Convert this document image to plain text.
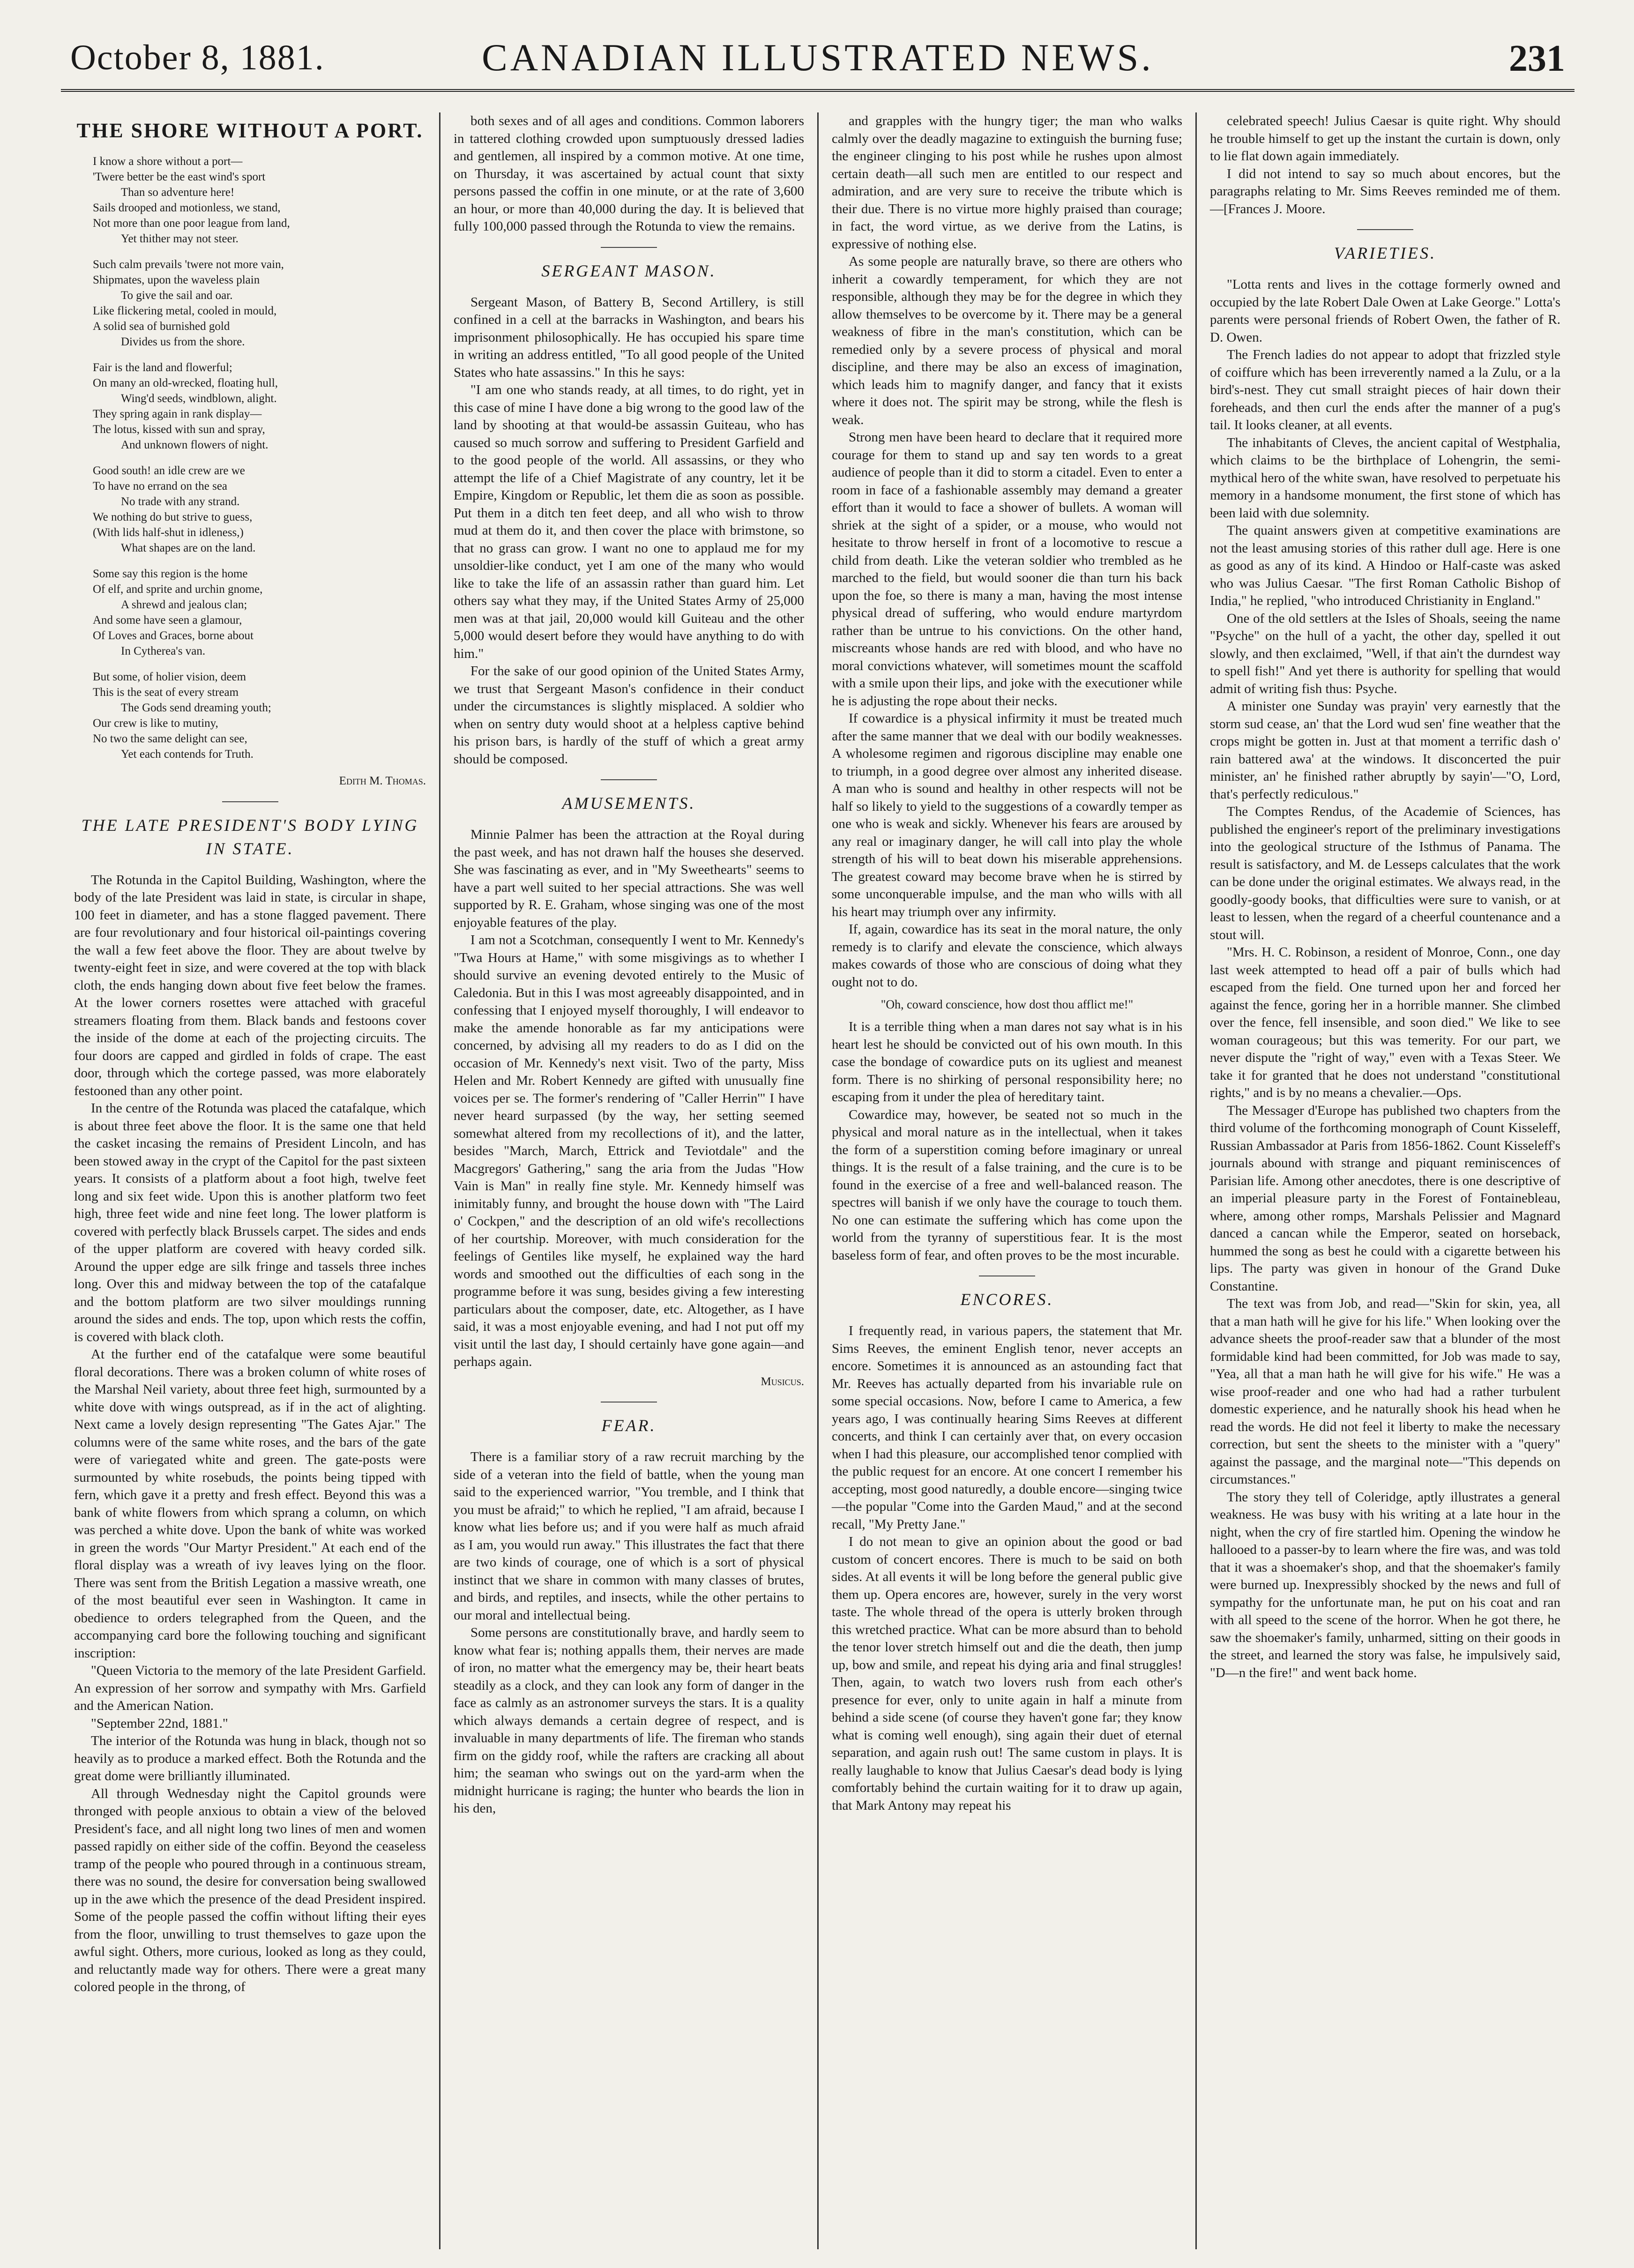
October 8, 1881.	CANADIAN ILLUSTRATED NEWS.	231
THE SHORE WITHOUT A PORT.
I know a shore without a port—
'Twere better be the east wind's sport
Than so adventure here!
Sails drooped and motionless, we stand,
Not more than one poor league from land,
Yet thither may not steer.
Such calm prevails 'twere not more vain,
Shipmates, upon the waveless plain
To give the sail and oar.
Like flickering metal, cooled in mould,
A solid sea of burnished gold
Divides us from the shore.
Fair is the land and flowerful;
On many an old-wrecked, floating hull,
Wing'd seeds, windblown, alight.
They spring again in rank display—
The lotus, kissed with sun and spray,
And unknown flowers of night.
Good south! an idle crew are we
To have no errand on the sea
No trade with any strand.
We nothing do but strive to guess,
(With lids half-shut in idleness,)
What shapes are on the land.
Some say this region is the home
Of elf, and sprite and urchin gnome,
A shrewd and jealous clan;
And some have seen a glamour,
Of Loves and Graces, borne about
In Cytherea's van.
But some, of holier vision, deem
This is the seat of every stream
The Gods send dreaming youth;
Our crew is like to mutiny,
No two the same delight can see,
Yet each contends for Truth.
Edith M. Thomas.
THE LATE PRESIDENT'S BODY LYING IN STATE.

The Rotunda in the Capitol Building, Washington, where the body of the late President was laid in state, is circular in shape, 100 feet in diameter, and has a stone flagged pavement. There are four revolutionary and four historical oil-paintings covering the wall a few feet above the floor. They are about twelve by twenty-eight feet in size, and were covered at the top with black cloth, the ends hanging down about five feet below the frames. At the lower corners rosettes were attached with graceful streamers floating from them. Black bands and festoons cover the inside of the dome at each of the projecting circuits. The four doors are capped and girdled in folds of crape. The east door, through which the cortege passed, was more elaborately festooned than any other point.

In the centre of the Rotunda was placed the catafalque, which is about three feet above the floor. It is the same one that held the casket incasing the remains of President Lincoln, and has been stowed away in the crypt of the Capitol for the past sixteen years. It consists of a platform about a foot high, twelve feet long and six feet wide. Upon this is another platform two feet high, three feet wide and nine feet long. The lower platform is covered with perfectly black Brussels carpet. The sides and ends of the upper platform are covered with heavy corded silk. Around the upper edge are silk fringe and tassels three inches long. Over this and midway between the top of the catafalque and the bottom platform are two silver mouldings running around the sides and ends. The top, upon which rests the coffin, is covered with black cloth.

At the further end of the catafalque were some beautiful floral decorations. There was a broken column of white roses of the Marshal Neil variety, about three feet high, surmounted by a white dove with wings outspread, as if in the act of alighting. Next came a lovely design representing "The Gates Ajar." The columns were of the same white roses, and the bars of the gate were of variegated white and green. The gate-posts were surmounted by white rosebuds, the points being tipped with fern, which gave it a pretty and fresh effect. Beyond this was a bank of white flowers from which sprang a column, on which was perched a white dove. Upon the bank of white was worked in green the words "Our Martyr President." At each end of the floral display was a wreath of ivy leaves lying on the floor. There was sent from the British Legation a massive wreath, one of the most beautiful ever seen in Washington. It came in obedience to orders telegraphed from the Queen, and the accompanying card bore the following touching and significant inscription:

"Queen Victoria to the memory of the late President Garfield. An expression of her sorrow and sympathy with Mrs. Garfield and the American Nation.

"September 22nd, 1881."

The interior of the Rotunda was hung in black, though not so heavily as to produce a marked effect. Both the Rotunda and the great dome were brilliantly illuminated.

All through Wednesday night the Capitol grounds were thronged with people anxious to obtain a view of the beloved President's face, and all night long two lines of men and women passed rapidly on either side of the coffin. Beyond the ceaseless tramp of the people who poured through in a continuous stream, there was no sound, the desire for conversation being swallowed up in the awe which the presence of the dead President inspired. Some of the people passed the coffin without lifting their eyes from the floor, unwilling to trust themselves to gaze upon the awful sight. Others, more curious, looked as long as they could, and reluctantly made way for others. There were a great many colored people in the throng, of

both sexes and of all ages and conditions. Common laborers in tattered clothing crowded upon sumptuously dressed ladies and gentlemen, all inspired by a common motive. At one time, on Thursday, it was ascertained by actual count that sixty persons passed the coffin in one minute, or at the rate of 3,600 an hour, or more than 40,000 during the day. It is believed that fully 100,000 passed through the Rotunda to view the remains.

SERGEANT MASON.

Sergeant Mason, of Battery B, Second Artillery, is still confined in a cell at the barracks in Washington, and bears his imprisonment philosophically. He has occupied his spare time in writing an address entitled, "To all good people of the United States who hate assassins." In this he says:

"I am one who stands ready, at all times, to do right, yet in this case of mine I have done a big wrong to the good law of the land by shooting at that would-be assassin Guiteau, who has caused so much sorrow and suffering to President Garfield and to the good people of the world. All assassins, or they who attempt the life of a Chief Magistrate of any country, let it be Empire, Kingdom or Republic, let them die as soon as possible. Put them in a ditch ten feet deep, and all who wish to throw mud at them do it, and then cover the place with brimstone, so that no grass can grow. I want no one to applaud me for my unsoldier-like conduct, yet I am one of the many who would like to take the life of an assassin rather than guard him. Let others say what they may, if the United States Army of 25,000 men was at that jail, 20,000 would kill Guiteau and the other 5,000 would desert before they would have anything to do with him."

For the sake of our good opinion of the United States Army, we trust that Sergeant Mason's confidence in their conduct under the circumstances is slightly misplaced. A soldier who when on sentry duty would shoot at a helpless captive behind his prison bars, is hardly of the stuff of which a great army should be composed.

AMUSEMENTS.

Minnie Palmer has been the attraction at the Royal during the past week, and has not drawn half the houses she deserved. She was fascinating as ever, and in "My Sweethearts" seems to have a part well suited to her special attractions. She was well supported by R. E. Graham, whose singing was one of the most enjoyable features of the play.

I am not a Scotchman, consequently I went to Mr. Kennedy's "Twa Hours at Hame," with some misgivings as to whether I should survive an evening devoted entirely to the Music of Caledonia. But in this I was most agreeably disappointed, and in confessing that I enjoyed myself thoroughly, I will endeavor to make the amende honorable as far my anticipations were concerned, by advising all my readers to do as I did on the occasion of Mr. Kennedy's next visit. Two of the party, Miss Helen and Mr. Robert Kennedy are gifted with unusually fine voices per se. The former's rendering of "Caller Herrin'" I have never heard surpassed (by the way, her setting seemed somewhat altered from my recollections of it), and the latter, besides "March, March, Ettrick and Teviotdale" and the Macgregors' Gathering," sang the aria from the Judas "How Vain is Man" in really fine style. Mr. Kennedy himself was inimitably funny, and brought the house down with "The Laird o' Cockpen," and the description of an old wife's recollections of her courtship. Moreover, with much consideration for the feelings of Gentiles like myself, he explained way the hard words and smoothed out the difficulties of each song in the programme before it was sung, besides giving a few interesting particulars about the composer, date, etc. Altogether, as I have said, it was a most enjoyable evening, and had I not put off my visit until the last day, I should certainly have gone again—and perhaps again.

Musicus.
FEAR.

There is a familiar story of a raw recruit marching by the side of a veteran into the field of battle, when the young man said to the experienced warrior, "You tremble, and I think that you must be afraid;" to which he replied, "I am afraid, because I know what lies before us; and if you were half as much afraid as I am, you would run away." This illustrates the fact that there are two kinds of courage, one of which is a sort of physical instinct that we share in common with many classes of brutes, and birds, and reptiles, and insects, while the other pertains to our moral and intellectual being.

Some persons are constitutionally brave, and hardly seem to know what fear is; nothing appalls them, their nerves are made of iron, no matter what the emergency may be, their heart beats steadily as a clock, and they can look any form of danger in the face as calmly as an astronomer surveys the stars. It is a quality which always demands a certain degree of respect, and is invaluable in many departments of life. The fireman who stands firm on the giddy roof, while the rafters are cracking all about him; the seaman who swings out on the yard-arm when the midnight hurricane is raging; the hunter who beards the lion in his den,

and grapples with the hungry tiger; the man who walks calmly over the deadly magazine to extinguish the burning fuse; the engineer clinging to his post while he rushes upon almost certain death—all such men are entitled to our respect and admiration, and are very sure to receive the tribute which is their due. There is no virtue more highly praised than courage; in fact, the word virtue, as we derive from the Latins, is expressive of nothing else.

As some people are naturally brave, so there are others who inherit a cowardly temperament, for which they are not responsible, although they may be for the degree in which they allow themselves to be overcome by it. There may be a general weakness of fibre in the man's constitution, which can be remedied only by a severe process of physical and moral discipline, and there may be also an excess of imagination, which leads him to magnify danger, and fancy that it exists where it does not. The spirit may be strong, while the flesh is weak.

Strong men have been heard to declare that it required more courage for them to stand up and say ten words to a great audience of people than it did to storm a citadel. Even to enter a room in face of a fashionable assembly may demand a greater effort than it would to face a shower of bullets. A woman will shriek at the sight of a spider, or a mouse, who would not hesitate to throw herself in front of a locomotive to rescue a child from death. Like the veteran soldier who trembled as he marched to the field, but would sooner die than turn his back upon the foe, so there is many a man, having the most intense physical dread of suffering, who would endure martyrdom rather than be untrue to his convictions. On the other hand, miscreants whose hands are red with blood, and who have no moral convictions whatever, will sometimes mount the scaffold with a smile upon their lips, and joke with the executioner while he is adjusting the rope about their necks.

If cowardice is a physical infirmity it must be treated much after the same manner that we deal with our bodily weaknesses. A wholesome regimen and rigorous discipline may enable one to triumph, in a good degree over almost any inherited disease. A man who is sound and healthy in other respects will not be half so likely to yield to the suggestions of a cowardly temper as one who is weak and sickly. Whenever his fears are aroused by any real or imaginary danger, he will call into play the whole strength of his will to beat down his miserable apprehensions. The greatest coward may become brave when he is stirred by some unconquerable impulse, and the man who wills with all his heart may triumph over any infirmity.

If, again, cowardice has its seat in the moral nature, the only remedy is to clarify and elevate the conscience, which always makes cowards of those who are conscious of doing what they ought not to do.

"Oh, coward conscience, how dost thou afflict me!"

It is a terrible thing when a man dares not say what is in his heart lest he should be convicted out of his own mouth. In this case the bondage of cowardice puts on its ugliest and meanest form. There is no shirking of personal responsibility here; no escaping from it under the plea of hereditary taint.

Cowardice may, however, be seated not so much in the physical and moral nature as in the intellectual, when it takes the form of a superstition coming before imaginary or unreal things. It is the result of a false training, and the cure is to be found in the exercise of a free and well-balanced reason. The spectres will banish if we only have the courage to touch them. No one can estimate the suffering which has come upon the world from the tyranny of superstitious fear. It is the most baseless form of fear, and often proves to be the most incurable.

ENCORES.

I frequently read, in various papers, the statement that Mr. Sims Reeves, the eminent English tenor, never accepts an encore. Sometimes it is announced as an astounding fact that Mr. Reeves has actually departed from his invariable rule on some special occasions. Now, before I came to America, a few years ago, I was continually hearing Sims Reeves at different concerts, and think I can certainly aver that, on every occasion when I had this pleasure, our accomplished tenor complied with the public request for an encore. At one concert I remember his accepting, most good naturedly, a double encore—singing twice—the popular "Come into the Garden Maud," and at the second recall, "My Pretty Jane."

I do not mean to give an opinion about the good or bad custom of concert encores. There is much to be said on both sides. At all events it will be long before the general public give them up. Opera encores are, however, surely in the very worst taste. The whole thread of the opera is utterly broken through this wretched practice. What can be more absurd than to behold the tenor lover stretch himself out and die the death, then jump up, bow and smile, and repeat his dying aria and final struggles! Then, again, to watch two lovers rush from each other's presence for ever, only to unite again in half a minute from behind a side scene (of course they haven't gone far; they know what is coming well enough), sing again their duet of eternal separation, and again rush out! The same custom in plays. It is really laughable to know that Julius Caesar's dead body is lying comfortably behind the curtain waiting for it to draw up again, that Mark Antony may repeat his

celebrated speech! Julius Caesar is quite right. Why should he trouble himself to get up the instant the curtain is down, only to lie flat down again immediately.

I did not intend to say so much about encores, but the paragraphs relating to Mr. Sims Reeves reminded me of them.—[Frances J. Moore.

VARIETIES.

"Lotta rents and lives in the cottage formerly owned and occupied by the late Robert Dale Owen at Lake George." Lotta's parents were personal friends of Robert Owen, the father of R. D. Owen.

The French ladies do not appear to adopt that frizzled style of coiffure which has been irreverently named a la Zulu, or a la bird's-nest. They cut small straight pieces of hair down their foreheads, and then curl the ends after the manner of a pug's tail. It looks cleaner, at all events.

The inhabitants of Cleves, the ancient capital of Westphalia, which claims to be the birthplace of Lohengrin, the semi-mythical hero of the white swan, have resolved to perpetuate his memory in a handsome monument, the first stone of which has been laid with due solemnity.

The quaint answers given at competitive examinations are not the least amusing stories of this rather dull age. Here is one as good as any of its kind. A Hindoo or Half-caste was asked who was Julius Caesar. "The first Roman Catholic Bishop of India," he replied, "who introduced Christianity in England."

One of the old settlers at the Isles of Shoals, seeing the name "Psyche" on the hull of a yacht, the other day, spelled it out slowly, and then exclaimed, "Well, if that ain't the durndest way to spell fish!" And yet there is authority for spelling that would admit of writing fish thus: Psyche.

A minister one Sunday was prayin' very earnestly that the storm sud cease, an' that the Lord wud sen' fine weather that the crops might be gotten in. Just at that moment a terrific dash o' rain battered awa' at the windows. It disconcerted the puir minister, an' he finished rather abruptly by sayin'—"O, Lord, that's perfectly rediculous."

The Comptes Rendus, of the Academie of Sciences, has published the engineer's report of the preliminary investigations into the geological structure of the Isthmus of Panama. The result is satisfactory, and M. de Lesseps calculates that the work can be done under the original estimates. We always read, in the goodly-goody books, that difficulties were sure to vanish, or at least to lessen, when the regard of a cheerful countenance and a stout will.

"Mrs. H. C. Robinson, a resident of Monroe, Conn., one day last week attempted to head off a pair of bulls which had escaped from the field. One turned upon her and forced her against the fence, goring her in a horrible manner. She climbed over the fence, fell insensible, and soon died." We like to see woman courageous; but this was temerity. For our part, we never dispute the "right of way," even with a Texas Steer. We take it for granted that he does not understand "constitutional rights," and is by no means a chevalier.—Ops.

The Messager d'Europe has published two chapters from the third volume of the forthcoming monograph of Count Kisseleff, Russian Ambassador at Paris from 1856-1862. Count Kisseleff's journals abound with strange and piquant reminiscences of Parisian life. Among other anecdotes, there is one descriptive of an imperial pleasure party in the Forest of Fontainebleau, where, among other romps, Marshals Pelissier and Magnard danced a cancan while the Emperor, seated on horseback, hummed the song as best he could with a cigarette between his lips. The party was given in honour of the Grand Duke Constantine.

The text was from Job, and read—"Skin for skin, yea, all that a man hath will he give for his life." When looking over the advance sheets the proof-reader saw that a blunder of the most formidable kind had been committed, for Job was made to say, "Yea, all that a man hath he will give for his wife." He was a wise proof-reader and one who had had a rather turbulent domestic experience, and he naturally shook his head when he read the words. He did not feel it liberty to make the necessary correction, but sent the sheets to the minister with a "query" against the passage, and the marginal note—"This depends on circumstances."

The story they tell of Coleridge, aptly illustrates a general weakness. He was busy with his writing at a late hour in the night, when the cry of fire startled him. Opening the window he hallooed to a passer-by to learn where the fire was, and was told that it was a shoemaker's shop, and that the shoemaker's family were burned up. Inexpressibly shocked by the news and full of sympathy for the unfortunate man, he put on his coat and ran with all speed to the scene of the horror. When he got there, he saw the shoemaker's family, unharmed, sitting on their goods in the street, and learned the story was false, he impulsively said, "D—n the fire!" and went back home.
